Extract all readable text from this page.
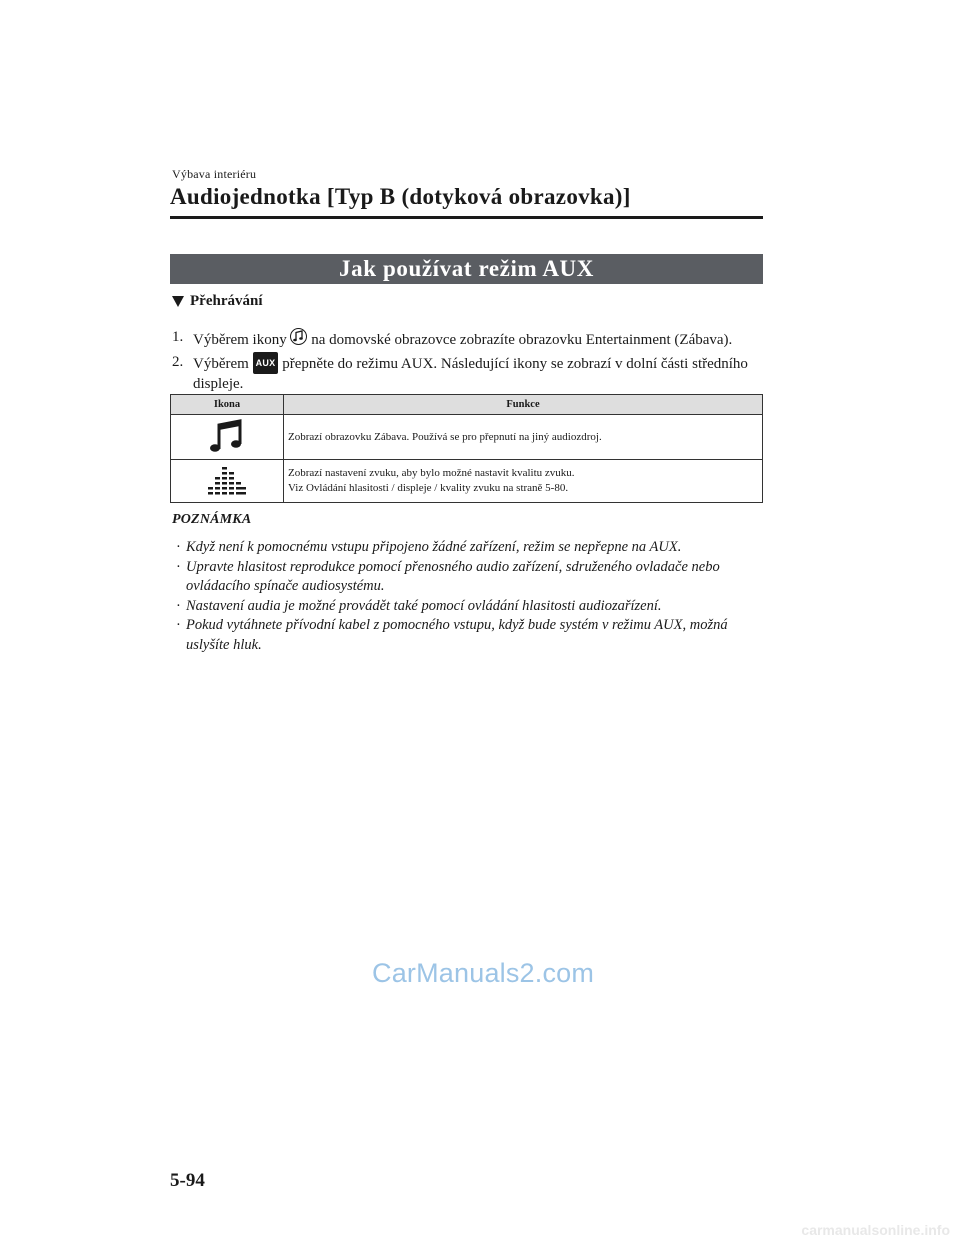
Výbava interiéru
Audiojednotka [Typ B (dotyková obrazovka)]
Jak používat režim AUX
Přehrávání
1. Výběrem ikony na domovské obrazovce zobrazíte obrazovku Entertainment (Zábava).
2. Výběrem AUX přepněte do režimu AUX. Následující ikony se zobrazí v dolní části středního displeje.
Ikona	Funkce

Zobrazí obrazovku Zábava. Používá se pro přepnutí na jiný audiozdroj.

Zobrazí nastavení zvuku, aby bylo možné nastavit kvalitu zvuku.
Viz Ovládání hlasitosti / displeje / kvality zvuku na straně 5-80.
POZNÁMKA
· Když není k pomocnému vstupu připojeno žádné zařízení, režim se nepřepne na AUX.
· Upravte hlasitost reprodukce pomocí přenosného audio zařízení, sdruženého ovladače nebo ovládacího spínače audiosystému.
· Nastavení audia je možné provádět také pomocí ovládání hlasitosti audiozařízení.
· Pokud vytáhnete přívodní kabel z pomocného vstupu, když bude systém v režimu AUX, možná uslyšíte hluk.
CarManuals2.com
5-94
carmanualsonline.info
